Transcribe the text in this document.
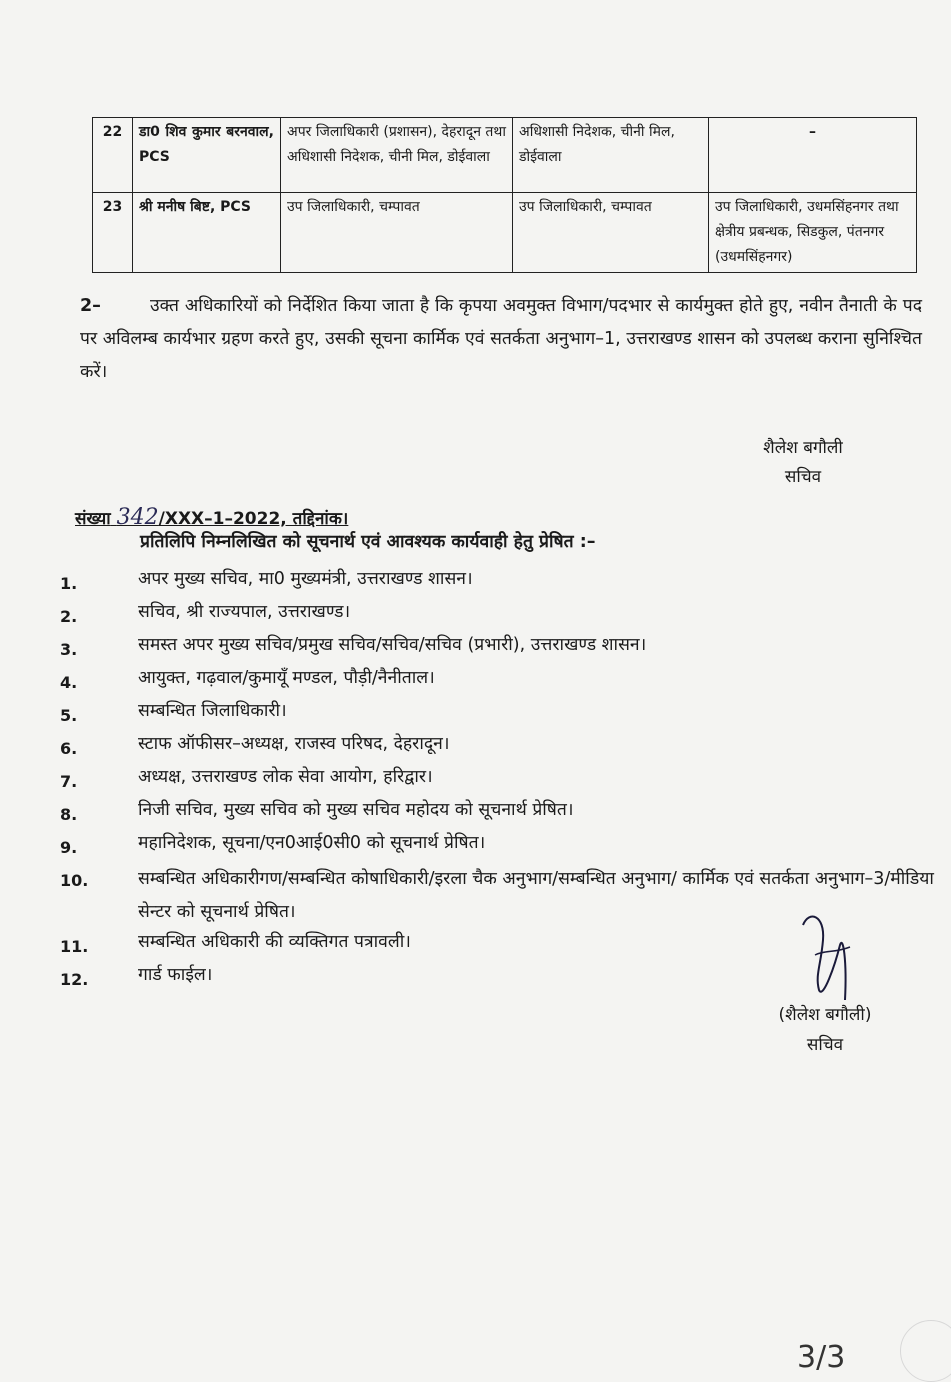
22	डा0 शिव कुमार बरनवाल, PCS	अपर जिलाधिकारी (प्रशासन), देहरादून तथा अधिशासी निदेशक, चीनी मिल, डोईवाला	अधिशासी निदेशक, चीनी मिल, डोईवाला	–
23	श्री मनीष बिष्ट, PCS	उप जिलाधिकारी, चम्पावत	उप जिलाधिकारी, चम्पावत	उप जिलाधिकारी, उधमसिंहनगर तथा क्षेत्रीय प्रबन्धक, सिडकुल, पंतनगर (उधमसिंहनगर)
2–	उक्त अधिकारियों को निर्देशित किया जाता है कि कृपया अवमुक्त विभाग/पदभार से कार्यमुक्त होते हुए, नवीन तैनाती के पद पर अविलम्ब कार्यभार ग्रहण करते हुए, उसकी सूचना कार्मिक एवं सतर्कता अनुभाग–1, उत्तराखण्ड शासन को उपलब्ध कराना सुनिश्चित करें।
शैलेश बगौली
सचिव
संख्या 342/XXX–1–2022, तद्दिनांक।
प्रतिलिपि निम्नलिखित को सूचनार्थ एवं आवश्यक कार्यवाही हेतु प्रेषित :–
1.	अपर मुख्य सचिव, मा0 मुख्यमंत्री, उत्तराखण्ड शासन।
2.	सचिव, श्री राज्यपाल, उत्तराखण्ड।
3.	समस्त अपर मुख्य सचिव/प्रमुख सचिव/सचिव/सचिव (प्रभारी), उत्तराखण्ड शासन।
4.	आयुक्त, गढ़वाल/कुमायूँ मण्डल, पौड़ी/नैनीताल।
5.	सम्बन्धित जिलाधिकारी।
6.	स्टाफ ऑफीसर–अध्यक्ष, राजस्व परिषद, देहरादून।
7.	अध्यक्ष, उत्तराखण्ड लोक सेवा आयोग, हरिद्वार।
8.	निजी सचिव, मुख्य सचिव को मुख्य सचिव महोदय को सूचनार्थ प्रेषित।
9.	महानिदेशक, सूचना/एन0आई0सी0 को सूचनार्थ प्रेषित।
10.	सम्बन्धित अधिकारीगण/सम्बन्धित कोषाधिकारी/इरला चैक अनुभाग/सम्बन्धित अनुभाग/ कार्मिक एवं सतर्कता अनुभाग–3/मीडिया सेन्टर को सूचनार्थ प्रेषित।
11.	सम्बन्धित अधिकारी की व्यक्तिगत पत्रावली।
12.	गार्ड फाईल।
(शैलेश बगौली)
सचिव
3/3
